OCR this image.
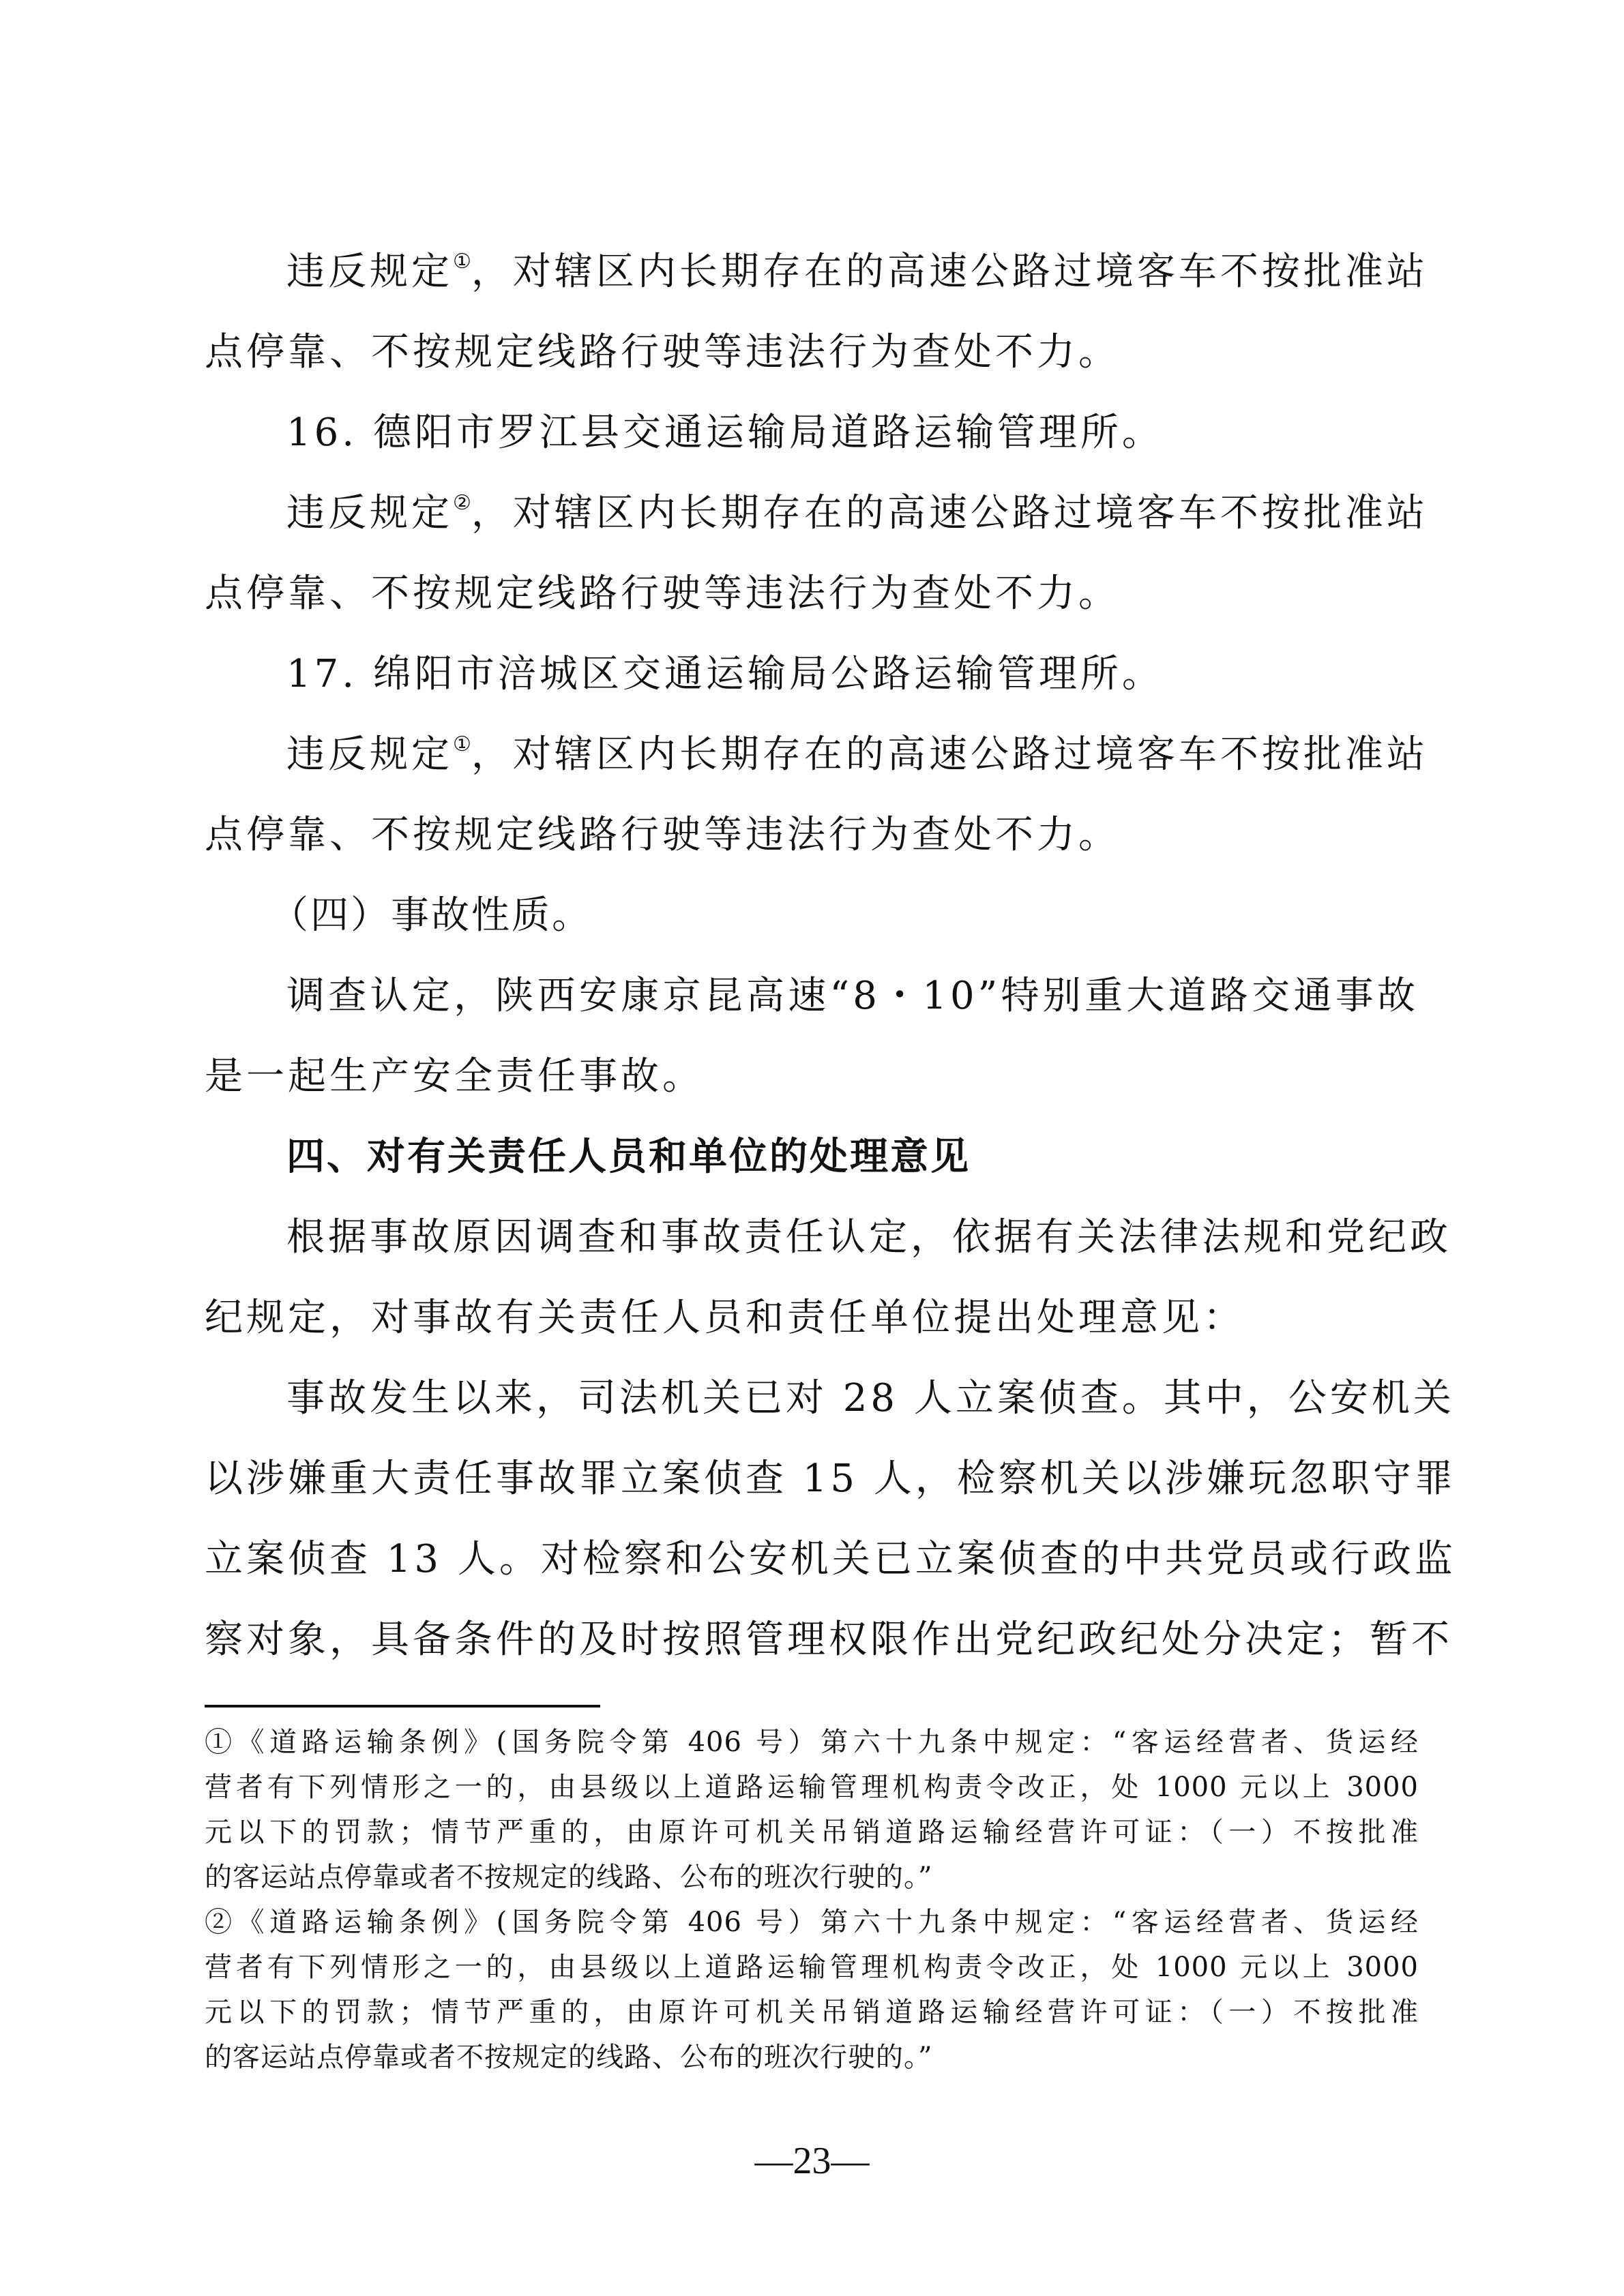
违反规定①，对辖区内长期存在的高速公路过境客车不按批准站

点停靠、不按规定线路行驶等违法行为查处不力。

16. 德阳市罗江县交通运输局道路运输管理所。

违反规定②，对辖区内长期存在的高速公路过境客车不按批准站

点停靠、不按规定线路行驶等违法行为查处不力。

17. 绵阳市涪城区交通运输局公路运输管理所。

违反规定①，对辖区内长期存在的高速公路过境客车不按批准站

点停靠、不按规定线路行驶等违法行为查处不力。

（四）事故性质。

调查认定，陕西安康京昆高速“8・10”特别重大道路交通事故

是一起生产安全责任事故。

四、对有关责任人员和单位的处理意见

根据事故原因调查和事故责任认定，依据有关法律法规和党纪政

纪规定，对事故有关责任人员和责任单位提出处理意见：

事故发生以来，司法机关已对 28 人立案侦查。其中，公安机关

以涉嫌重大责任事故罪立案侦查 15 人，检察机关以涉嫌玩忽职守罪

立案侦查 13 人。对检察和公安机关已立案侦查的中共党员或行政监

察对象，具备条件的及时按照管理权限作出党纪政纪处分决定；暂不

①《道路运输条例》(国务院令第 406 号）第六十九条中规定：“客运经营者、货运经

营者有下列情形之一的，由县级以上道路运输管理机构责令改正，处 1000 元以上 3000

元以下的罚款；情节严重的，由原许可机关吊销道路运输经营许可证：（一）不按批准

的客运站点停靠或者不按规定的线路、公布的班次行驶的。”

②《道路运输条例》(国务院令第 406 号）第六十九条中规定：“客运经营者、货运经

营者有下列情形之一的，由县级以上道路运输管理机构责令改正，处 1000 元以上 3000

元以下的罚款；情节严重的，由原许可机关吊销道路运输经营许可证：（一）不按批准

的客运站点停靠或者不按规定的线路、公布的班次行驶的。”

—23—
